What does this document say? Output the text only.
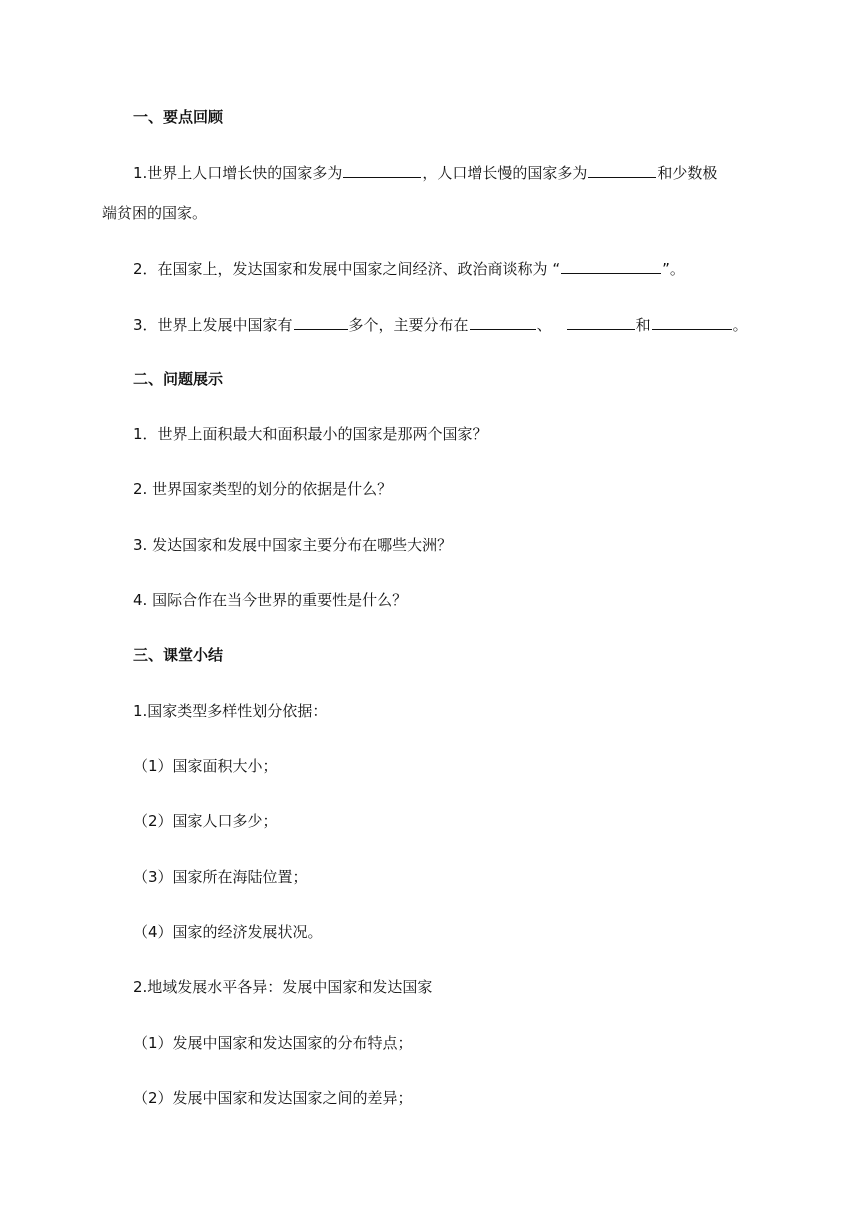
一、要点回顾
1.世界上人口增长快的国家多为	，人口增长慢的国家多为	和少数极
端贫困的国家。
2．在国家上，发达国家和发展中国家之间经济、政治商谈称为 “	”。
3．世界上发展中国家有	多个，主要分布在	、	和	。
二、问题展示
1．世界上面积最大和面积最小的国家是那两个国家？
2. 世界国家类型的划分的依据是什么？
3. 发达国家和发展中国家主要分布在哪些大洲？
4. 国际合作在当今世界的重要性是什么？
三、课堂小结
1.国家类型多样性划分依据：
（1）国家面积大小；
（2）国家人口多少；
（3）国家所在海陆位置；
（4）国家的经济发展状况。
2.地域发展水平各异：发展中国家和发达国家
（1）发展中国家和发达国家的分布特点；
（2）发展中国家和发达国家之间的差异；
